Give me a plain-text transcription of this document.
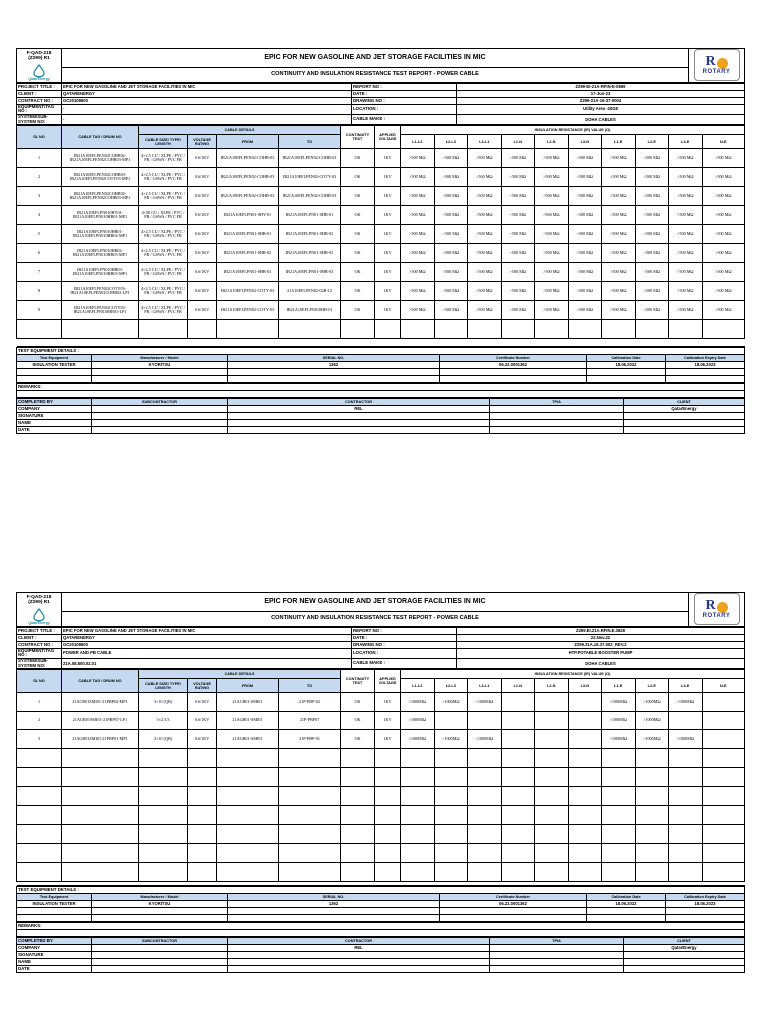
F-QAD-218
(Z299) R1
QatarEnergy
	EPIC FOR NEW GASOLINE AND JET STORAGE FACILITIES IN MIC	R
ROTARY

CONTINUITY AND INSULATION RESISTANCE TEST REPORT - POWER CABLE
PROJECT TITLE :	EPIC FOR NEW GASOLINE AND JET STORAGE FACILITIES IN MIC	REPORT NO :	Z299-EI-21A-RFIN-E-0869
CLIENT :	QATARENERGY	DATE :	17-Jun-23
CONTRACT NO :	GC20108600	DRAWING NO :	Z299-21A-16-37-0004
EQUIPMENT/TAG NO :	-	LOCATION :	Utility Area -20G8
SYSTEM/SUB-SYSTEM NO:	-	CABLE MAKE :	DOHA CABLES
SL NO	CABLE TAG / DRUM NO	CABLE DETAILS				CONTINUITY TEST	APPLIED VOLTAGE	INSULATION RESISTANCE (IR) VALUE (Ω)									
		CABLE SIZE/ TYPE/ LENGTH	VOLTAGE RATING	FROM	TO			L1-L2	L2-L3	L3-L1	L1-N	L2-N	L3-N	L1-E	L2-E	L3-E	N-E
1	IB21A10EFLPEN02COHB02-IB21A10EFLPEN02COHB03-MP1	4×2.5 CU / XLPE / PVC / FR / GSWA / PVC FR	0.6/1KV	IB21A10EFLPEN02-COHB-02	IB21A10EFLPEN02-COHB-03	OK	1KV	>500 MΩ	>500 MΩ	>500 MΩ	>500 MΩ	>500 MΩ	>500 MΩ	>500 MΩ	>500 MΩ	>500 MΩ	>500 MΩ
2	IB21A10EFLPEN02COHB03-IB21A10EFLPEN02COTY03-MP1	4×2.5 CU / XLPE / PVC / FR / GSWA / PVC FR	0.6/1KV	IB21A10EFLPEN02-COHB-03	IB21A10EFLPEN02-COTY-03	OK	1KV	>500 MΩ	>500 MΩ	>500 MΩ	>500 MΩ	>500 MΩ	>500 MΩ	>500 MΩ	>500 MΩ	>500 MΩ	>500 MΩ
3	IB21A10EFLPEN02COHB02-IB21A10EFLPEN02COHB03-MP1	4×2.5 CU / XLPE / PVC / FR / GSWA / PVC FR	0.6/1KV	IB21A10EFLPEN02-COHB-02	IB21A10EFLPEN02-COHB-03	OK	1KV	>500 MΩ	>500 MΩ	>500 MΩ	>500 MΩ	>500 MΩ	>500 MΩ	>500 MΩ	>500 MΩ	>500 MΩ	>500 MΩ
4	IB21A10EFLPN010HY01-IB21A10EFLPN010HB01-MP1	4×50 CU / XLPE / PVC / FR / GSWA / PVC FR	0.6/1KV	IB21A10EFLPN01-0HY-01	IB21A10EFLPN01-0HB-01	OK	1KV	>500 MΩ	>500 MΩ	>500 MΩ	>500 MΩ	>500 MΩ	>500 MΩ	>500 MΩ	>500 MΩ	>500 MΩ	>500 MΩ
5	IB21A10EFLPN010HB01-IB21A10EFLPN010HB02-MP1	4×2.5 CU / XLPE / PVC / FR / GSWA / PVC FR	0.6/1KV	IB21A10EFLPN01-0HB-01	IB21A10EFLPN01-0HB-02	OK	1KV	>500 MΩ	>500 MΩ	>500 MΩ	>500 MΩ	>500 MΩ	>500 MΩ	>500 MΩ	>500 MΩ	>500 MΩ	>500 MΩ
6	IB21A10EFLPN010HB02-IB21A10EFLPN010HB03-MP1	4×2.5 CU / XLPE / PVC / FR / GSWA / PVC FR	0.6/1KV	IB21A10EFLPN01-0HB-02	IB21A10EFLPN01-0HB-03	OK	1KV	>500 MΩ	>500 MΩ	>500 MΩ	>500 MΩ	>500 MΩ	>500 MΩ	>500 MΩ	>500 MΩ	>500 MΩ	>500 MΩ
7	IB21A10EFLPN010HB03-IB21A10EFLPN010HB03-MP1	4×2.5 CU / XLPE / PVC / FR / GSWA / PVC FR	0.6/1KV	IB21A10EFLPN01-0HB-03	IB21A10EFLPN01-0HB-03	OK	1KV	>500 MΩ	>500 MΩ	>500 MΩ	>500 MΩ	>500 MΩ	>500 MΩ	>500 MΩ	>500 MΩ	>500 MΩ	>500 MΩ
8	IB21A10EFLPEN02COTY03-IB21A10EFLPEN02COHB02-LP1	4×2.5 CU / XLPE / PVC / FR / GSWA / PVC FR	0.6/1KV	IB21A10EFLPEN02-COTY-03	21A10EFLPEN02-02B-12	OK	1KV	>500 MΩ	>500 MΩ	>500 MΩ	>500 MΩ	>500 MΩ	>500 MΩ	>500 MΩ	>500 MΩ	>500 MΩ	>500 MΩ
9	IB21A10EFLPEN02COTY03-IB21A10EFLPN010HB01-LP1	4×2.5 CU / XLPE / PVC / FR / GSWA / PVC FR	0.6/1KV	IB21A10EFLPEN02-COTY-03	IB21A10EFLPN010HB-01	OK	1KV	>500 MΩ	>500 MΩ	>500 MΩ	>500 MΩ	>500 MΩ	>500 MΩ	>500 MΩ	>500 MΩ	>500 MΩ	>500 MΩ

TEST EQUIPMENT DETAILS :					
Test Equipment	Manufacturer / Model	SERIAL NO.	Certificate Number	Calibration Date	Calibration Expiry Date
INSULATION TESTER	KYORITSU	1362	06.22.0001362	18.06.2022	18.06.2023

REMARKS:

COMPLETED BY	SUBCONTRACTOR	CONTRACTOR	TPIA	CLIENT
COMPANY		REL		QatarEnergy
SIGNATURE				
NAME				
DATE				
F-QAD-218
(Z299) R1
QatarEnergy
	EPIC FOR NEW GASOLINE AND JET STORAGE FACILITIES IN MIC	R
ROTARY

CONTINUITY AND INSULATION RESISTANCE TEST REPORT - POWER CABLE
PROJECT TITLE :	EPIC FOR NEW GASOLINE AND JET STORAGE FACILITIES IN MIC	REPORT NO :	Z299.EI.21A.RFIN.E.0828
CLIENT :	QATARENERGY	DATE :	22.Nov.22
CONTRACT NO :	GC20108600	DRAWING NO :	Z299.21A.16.37.002_REV.2
EQUIPMENT/TAG NO :	POWER AND PB CABLE	LOCATION :	HTP.POTABLE BOOSTER PUMP
SYSTEM/SUB-SYSTEM NO:	21A.08.800.02.01	CABLE MAKE :	DOHA CABLES
SL NO	CABLE TAG / DRUM NO	CABLE DETAILS				CONTINUITY TEST	APPLIED VOLTAGE	INSULATION RESISTANCE (IR) VALUE (Ω)									
		CABLE SIZE/ TYPE/ LENGTH	VOLTAGE RATING	FROM	TO			L1-L2	L2-L3	L3-L1	L1-N	L2-N	L3-N	L1-E	L2-E	L3-E	N-E
1	21ACB01SMI01-21PBP02-MP1	3×10 (QB)	0.6/1KV	21ACB01-SMI01	21P-PBP-02	OK	1KV	>1000MΩ	>1000MΩ	>1000MΩ				>1000MΩ	>1000MΩ	>1000MΩ	
2	21AGB01SMI01-21PBP07-LP1	3×2.5/3	0.6/1KV	21AGB01-SMI01	21P-PBP07	OK	1KV	>1000MΩ						>1000MΩ	>1000MΩ		
3	21AGB01SMI01-21PBP01-MP1	3×10 (QB)	0.6/1KV	21AGB01-SMI01	21P-PBP-01	OK	1KV	>1000MΩ	>1000MΩ	>1000MΩ				>1000MΩ	>1000MΩ	>1000MΩ	

TEST EQUIPMENT DETAILS :					
Test Equipment	Manufacturer / Model	SERIAL NO.	Certificate Number	Calibration Date	Calibration Expiry Date
INSULATION TESTER	KYORITSU	1362	06.22.0001362	18.06.2022	18.06.2023

REMARKS:

COMPLETED BY	SUBCONTRACTOR	CONTRACTOR	TPIA	CLIENT
COMPANY		REL		QatarEnergy
SIGNATURE				
NAME				
DATE				
